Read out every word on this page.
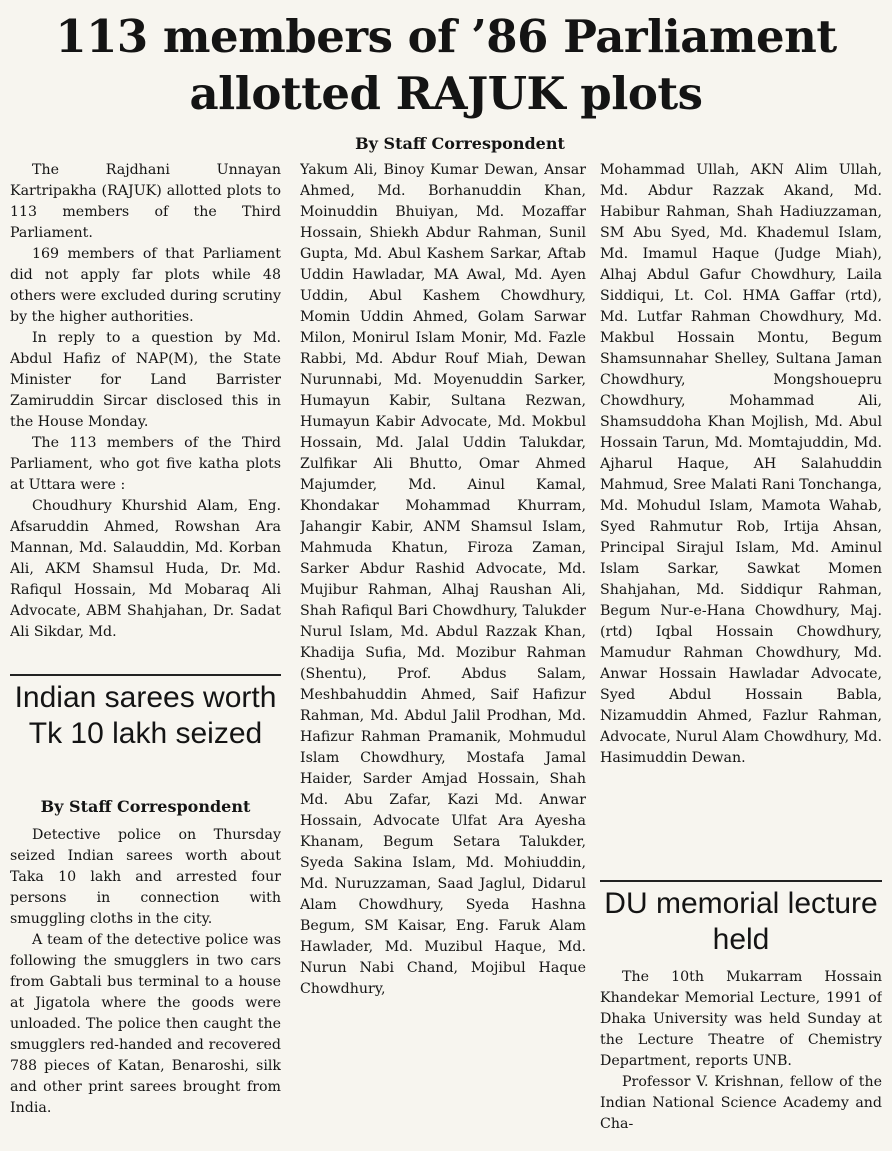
113 members of ’86 Parliament
allotted RAJUK plots
By Staff Correspondent

The Rajdhani Unnayan Kartripakha (RAJUK) allotted plots to 113 members of the Third Parliament.

169 members of that Parliament did not apply far plots while 48 others were excluded during scrutiny by the higher authorities.

In reply to a question by Md. Abdul Hafiz of NAP(M), the State Minister for Land Barrister Zamiruddin Sircar disclosed this in the House Monday.

The 113 members of the Third Parliament, who got five katha plots at Uttara were :

Choudhury Khurshid Alam, Eng. Afsaruddin Ahmed, Rowshan Ara Mannan, Md. Salauddin, Md. Korban Ali, AKM Shamsul Huda, Dr. Md. Rafiqul Hossain, Md Mobaraq Ali Advocate, ABM Shahjahan, Dr. Sadat Ali Sikdar, Md.

Yakum Ali, Binoy Kumar Dewan, Ansar Ahmed, Md. Borhanuddin Khan, Moinuddin Bhuiyan, Md. Mozaffar Hossain, Shiekh Abdur Rahman, Sunil Gupta, Md. Abul Kashem Sarkar, Aftab Uddin Hawladar, MA Awal, Md. Ayen Uddin, Abul Kashem Chowdhury, Momin Uddin Ahmed, Golam Sarwar Milon, Monirul Islam Monir, Md. Fazle Rabbi, Md. Abdur Rouf Miah, Dewan Nurunnabi, Md. Moyenuddin Sarker, Humayun Kabir, Sultana Rezwan, Humayun Kabir Advocate, Md. Mokbul Hossain, Md. Jalal Uddin Talukdar, Zulfikar Ali Bhutto, Omar Ahmed Majumder, Md. Ainul Kamal, Khondakar Mohammad Khurram, Jahangir Kabir, ANM Shamsul Islam, Mahmuda Khatun, Firoza Zaman, Sarker Abdur Rashid Advocate, Md. Mujibur Rahman, Alhaj Raushan Ali, Shah Rafiqul Bari Chowdhury, Talukder Nurul Islam, Md. Abdul Razzak Khan, Khadija Sufia, Md. Mozibur Rahman (Shentu), Prof. Abdus Salam, Meshbahuddin Ahmed, Saif Hafizur Rahman, Md. Abdul Jalil Prodhan, Md. Hafizur Rahman Pramanik, Mohmudul Islam Chowdhury, Mostafa Jamal Haider, Sarder Amjad Hossain, Shah Md. Abu Zafar, Kazi Md. Anwar Hossain, Advocate Ulfat Ara Ayesha Khanam, Begum Setara Talukder, Syeda Sakina Islam, Md. Mohiuddin, Md. Nuruzzaman, Saad Jaglul, Didarul Alam Chowdhury, Syeda Hashna Begum, SM Kaisar, Eng. Faruk Alam Hawlader, Md. Muzibul Haque, Md. Nurun Nabi Chand, Mojibul Haque Chowdhury,

Mohammad Ullah, AKN Alim Ullah, Md. Abdur Razzak Akand, Md. Habibur Rahman, Shah Hadiuzzaman, SM Abu Syed, Md. Khademul Islam, Md. Imamul Haque (Judge Miah), Alhaj Abdul Gafur Chowdhury, Laila Siddiqui, Lt. Col. HMA Gaffar (rtd), Md. Lutfar Rahman Chowdhury, Md. Makbul Hossain Montu, Begum Shamsunnahar Shelley, Sultana Jaman Chowdhury, Mongshouepru Chowdhury, Mohammad Ali, Shamsuddoha Khan Mojlish, Md. Abul Hossain Tarun, Md. Momtajuddin, Md. Ajharul Haque, AH Salahuddin Mahmud, Sree Malati Rani Tonchanga, Md. Mohudul Islam, Mamota Wahab, Syed Rahmutur Rob, Irtija Ahsan, Principal Sirajul Islam, Md. Aminul Islam Sarkar, Sawkat Momen Shahjahan, Md. Siddiqur Rahman, Begum Nur-e-Hana Chowdhury, Maj. (rtd) Iqbal Hossain Chowdhury, Mamudur Rahman Chowdhury, Md. Anwar Hossain Hawladar Advocate, Syed Abdul Hossain Babla, Nizamuddin Ahmed, Fazlur Rahman, Advocate, Nurul Alam Chowdhury, Md. Hasimuddin Dewan.

Indian sarees worth Tk 10 lakh seized
By Staff Correspondent

Detective police on Thursday seized Indian sarees worth about Taka 10 lakh and arrested four persons in connection with smuggling cloths in the city.

A team of the detective police was following the smugglers in two cars from Gabtali bus terminal to a house at Jigatola where the goods were unloaded. The police then caught the smugglers red-handed and recovered 788 pieces of Katan, Benaroshi, silk and other print sarees brought from India.

DU memorial lecture held

The 10th Mukarram Hossain Khandekar Memorial Lecture, 1991 of Dhaka University was held Sunday at the Lecture Theatre of Chemistry Department, reports UNB.

Professor V. Krishnan, fellow of the Indian National Science Academy and Cha-
